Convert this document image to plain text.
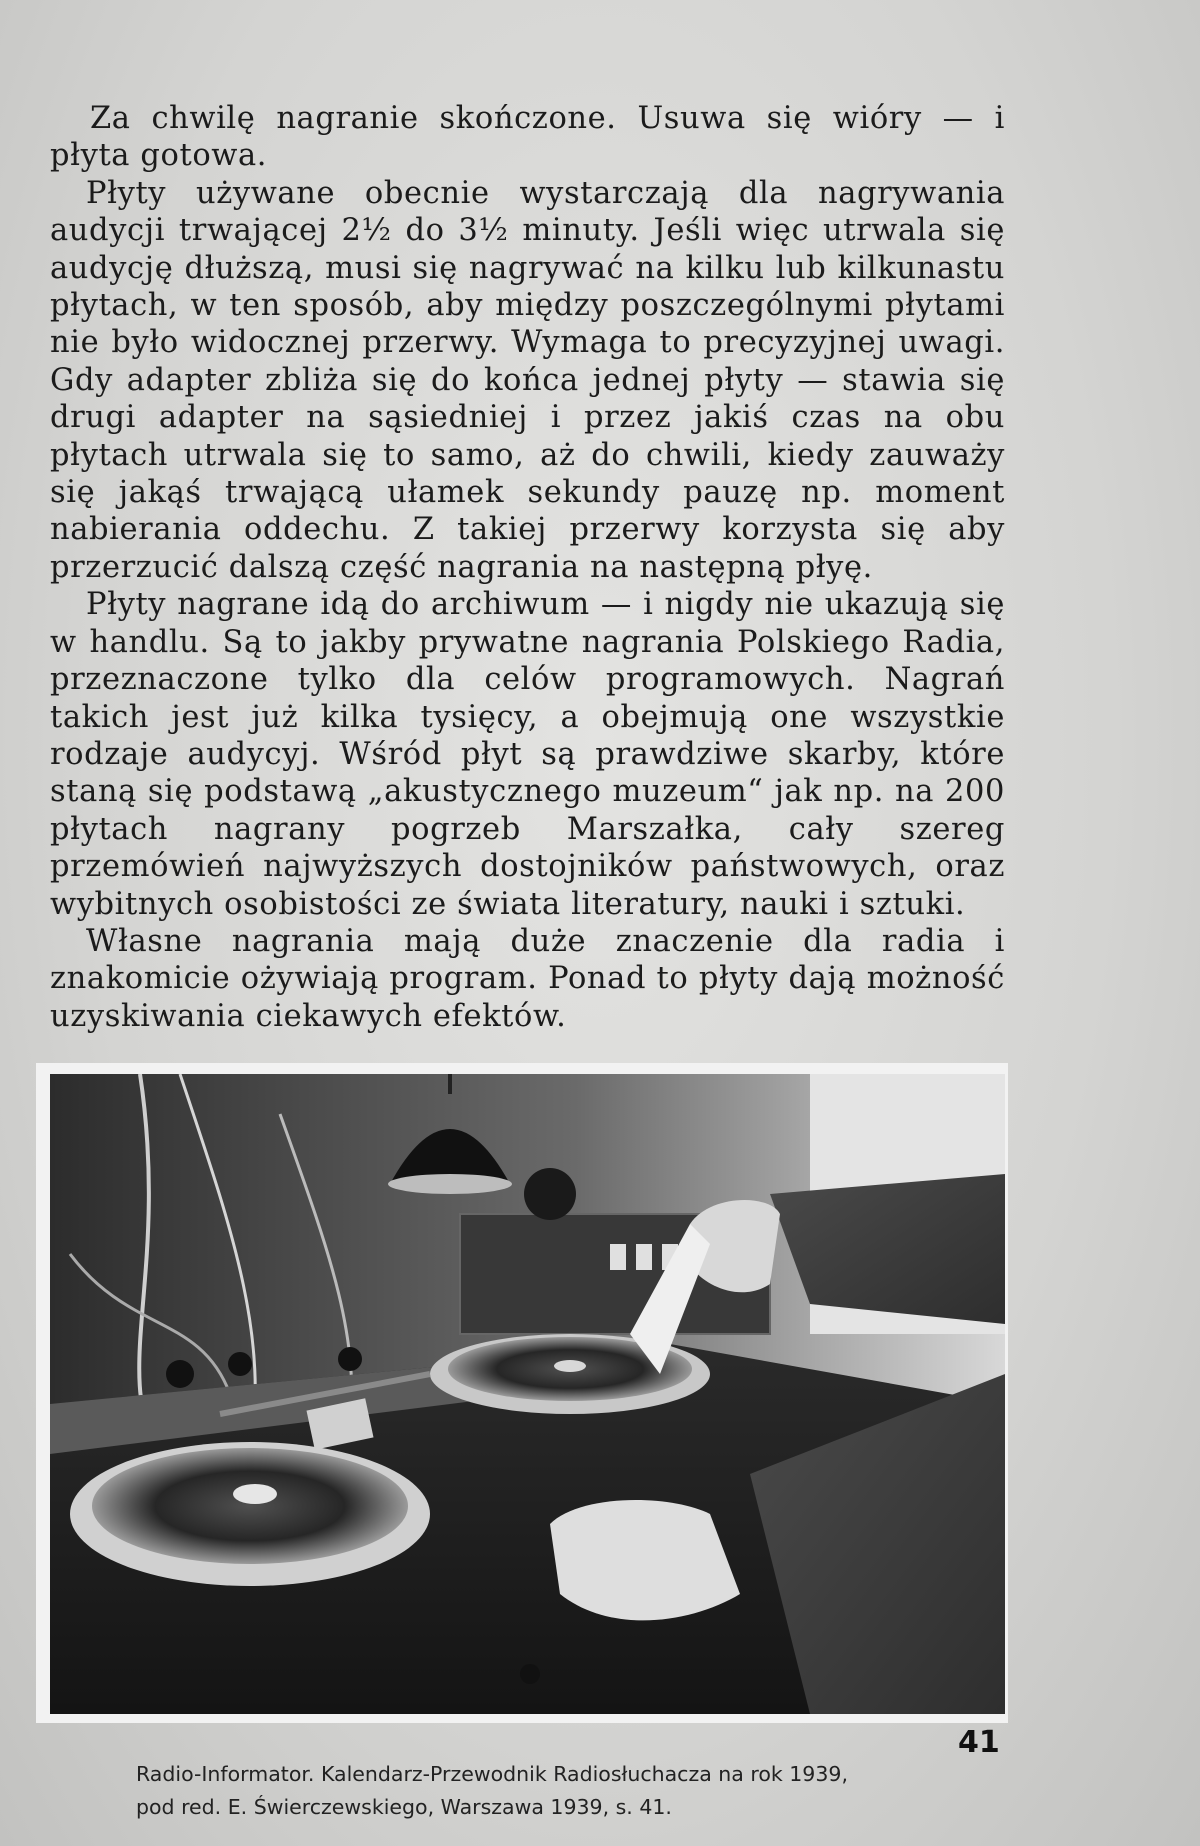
Za chwilę nagranie skończone. Usuwa się wióry — i płyta gotowa.

Płyty używane obecnie wystarczają dla nagrywania audycji trwającej 2½ do 3½ minuty. Jeśli więc utrwala się audycję dłuższą, musi się nagrywać na kilku lub kilkunastu płytach, w ten sposób, aby między poszczególnymi płytami nie było widocznej przerwy. Wymaga to precyzyjnej uwagi. Gdy adapter zbliża się do końca jednej płyty — stawia się drugi adapter na sąsiedniej i przez jakiś czas na obu płytach utrwala się to samo, aż do chwili, kiedy zauważy się jakąś trwającą ułamek sekundy pauzę np. moment nabierania oddechu. Z takiej przerwy korzysta się aby przerzucić dalszą część nagrania na następną płyę.

Płyty nagrane idą do archiwum — i nigdy nie ukazują się w handlu. Są to jakby prywatne nagrania Polskiego Radia, przeznaczone tylko dla celów programowych. Nagrań takich jest już kilka tysięcy, a obejmują one wszystkie rodzaje audycyj. Wśród płyt są prawdziwe skarby, które staną się podstawą „akustycznego muzeum“ jak np. na 200 płytach nagrany pogrzeb Marszałka, cały szereg przemówień najwyższych dostojników państwowych, oraz wybitnych osobistości ze świata literatury, nauki i sztuki.

Własne nagrania mają duże znaczenie dla radia i znakomicie ożywiają program. Ponad to płyty dają możność uzyskiwania ciekawych efektów.

41
Radio-Informator. Kalendarz-Przewodnik Radiosłuchacza na rok 1939,
pod red. E. Świerczewskiego, Warszawa 1939, s. 41.
